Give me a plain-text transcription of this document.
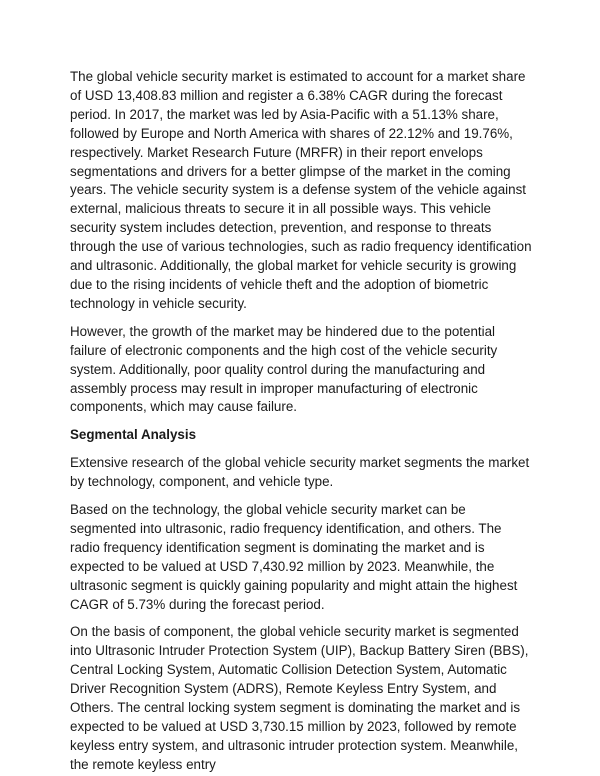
The global vehicle security market is estimated to account for a market share of USD 13,408.83 million and register a 6.38% CAGR during the forecast period. In 2017, the market was led by Asia-Pacific with a 51.13% share, followed by Europe and North America with shares of 22.12% and 19.76%, respectively. Market Research Future (MRFR) in their report envelops segmentations and drivers for a better glimpse of the market in the coming years. The vehicle security system is a defense system of the vehicle against external, malicious threats to secure it in all possible ways. This vehicle security system includes detection, prevention, and response to threats through the use of various technologies, such as radio frequency identification and ultrasonic. Additionally, the global market for vehicle security is growing due to the rising incidents of vehicle theft and the adoption of biometric technology in vehicle security.

However, the growth of the market may be hindered due to the potential failure of electronic components and the high cost of the vehicle security system. Additionally, poor quality control during the manufacturing and assembly process may result in improper manufacturing of electronic components, which may cause failure.

Segmental Analysis

Extensive research of the global vehicle security market segments the market by technology, component, and vehicle type.

Based on the technology, the global vehicle security market can be segmented into ultrasonic, radio frequency identification, and others. The radio frequency identification segment is dominating the market and is expected to be valued at USD 7,430.92 million by 2023. Meanwhile, the ultrasonic segment is quickly gaining popularity and might attain the highest CAGR of 5.73% during the forecast period.

On the basis of component, the global vehicle security market is segmented into Ultrasonic Intruder Protection System (UIP), Backup Battery Siren (BBS), Central Locking System, Automatic Collision Detection System, Automatic Driver Recognition System (ADRS), Remote Keyless Entry System, and Others. The central locking system segment is dominating the market and is expected to be valued at USD 3,730.15 million by 2023, followed by remote keyless entry system, and ultrasonic intruder protection system. Meanwhile, the remote keyless entry
